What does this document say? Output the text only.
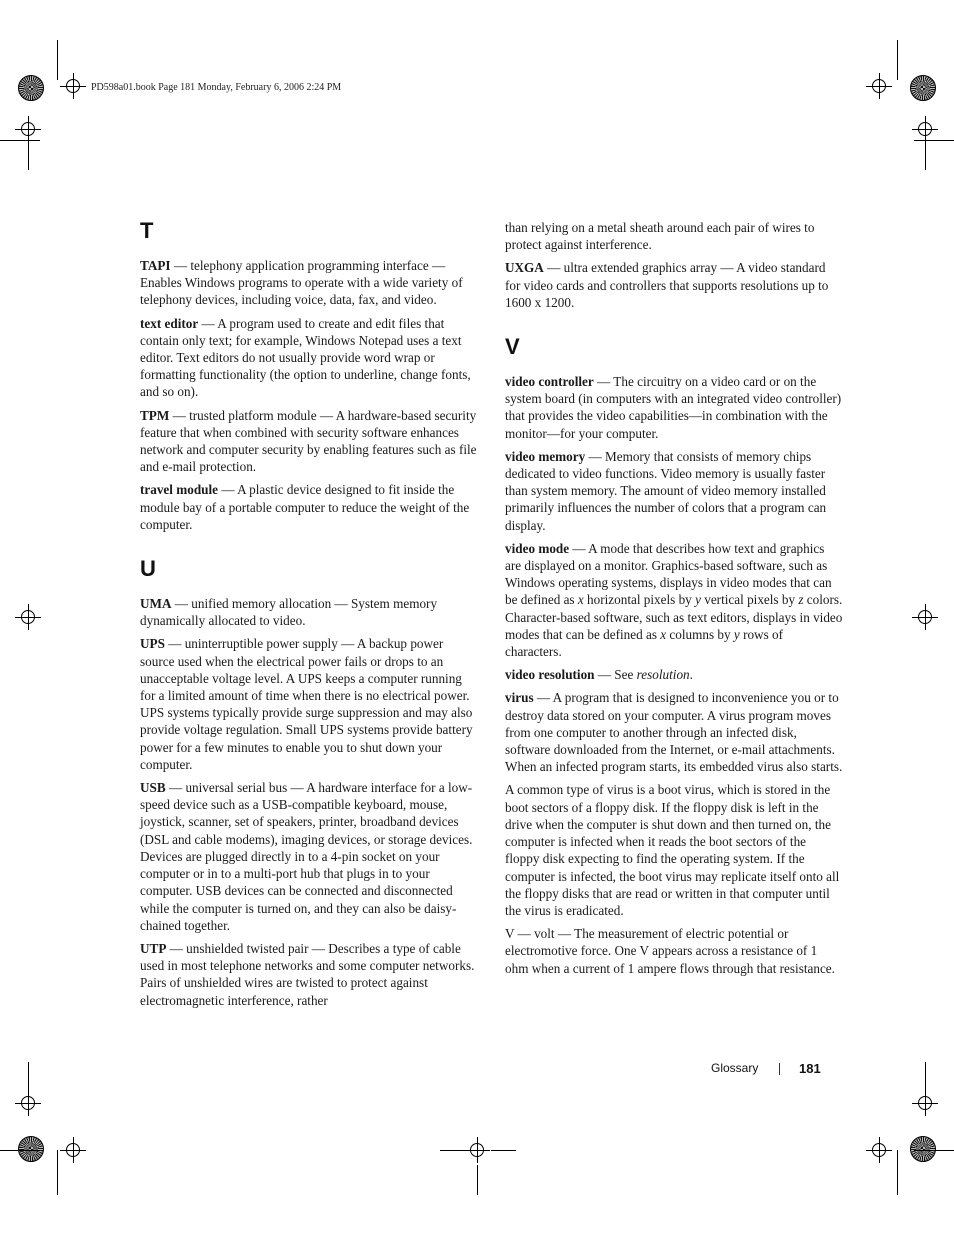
PD598a01.book Page 181 Monday, February 6, 2006 2:24 PM
T

TAPI — telephony application programming interface — Enables Windows programs to operate with a wide variety of telephony devices, including voice, data, fax, and video.

text editor — A program used to create and edit files that contain only text; for example, Windows Notepad uses a text editor. Text editors do not usually provide word wrap or formatting functionality (the option to underline, change fonts, and so on).

TPM — trusted platform module — A hardware-based security feature that when combined with security software enhances network and computer security by enabling features such as file and e-mail protection.

travel module — A plastic device designed to fit inside the module bay of a portable computer to reduce the weight of the computer.

U

UMA — unified memory allocation — System memory dynamically allocated to video.

UPS — uninterruptible power supply — A backup power source used when the electrical power fails or drops to an unacceptable voltage level. A UPS keeps a computer running for a limited amount of time when there is no electrical power. UPS systems typically provide surge suppression and may also provide voltage regulation. Small UPS systems provide battery power for a few minutes to enable you to shut down your computer.

USB — universal serial bus — A hardware interface for a low-speed device such as a USB-compatible keyboard, mouse, joystick, scanner, set of speakers, printer, broadband devices (DSL and cable modems), imaging devices, or storage devices. Devices are plugged directly in to a 4-pin socket on your computer or in to a multi-port hub that plugs in to your computer. USB devices can be connected and disconnected while the computer is turned on, and they can also be daisy-chained together.

UTP — unshielded twisted pair — Describes a type of cable used in most telephone networks and some computer networks. Pairs of unshielded wires are twisted to protect against electromagnetic interference, rather

than relying on a metal sheath around each pair of wires to protect against interference.

UXGA — ultra extended graphics array — A video standard for video cards and controllers that supports resolutions up to 1600 x 1200.

V

video controller — The circuitry on a video card or on the system board (in computers with an integrated video controller) that provides the video capabilities—in combination with the monitor—for your computer.

video memory — Memory that consists of memory chips dedicated to video functions. Video memory is usually faster than system memory. The amount of video memory installed primarily influences the number of colors that a program can display.

video mode — A mode that describes how text and graphics are displayed on a monitor. Graphics-based software, such as Windows operating systems, displays in video modes that can be defined as x horizontal pixels by y vertical pixels by z colors. Character-based software, such as text editors, displays in video modes that can be defined as x columns by y rows of characters.

video resolution — See resolution.

virus — A program that is designed to inconvenience you or to destroy data stored on your computer. A virus program moves from one computer to another through an infected disk, software downloaded from the Internet, or e-mail attachments. When an infected program starts, its embedded virus also starts.

A common type of virus is a boot virus, which is stored in the boot sectors of a floppy disk. If the floppy disk is left in the drive when the computer is shut down and then turned on, the computer is infected when it reads the boot sectors of the floppy disk expecting to find the operating system. If the computer is infected, the boot virus may replicate itself onto all the floppy disks that are read or written in that computer until the virus is eradicated.

V — volt — The measurement of electric potential or electromotive force. One V appears across a resistance of 1 ohm when a current of 1 ampere flows through that resistance.

Glossary	181
